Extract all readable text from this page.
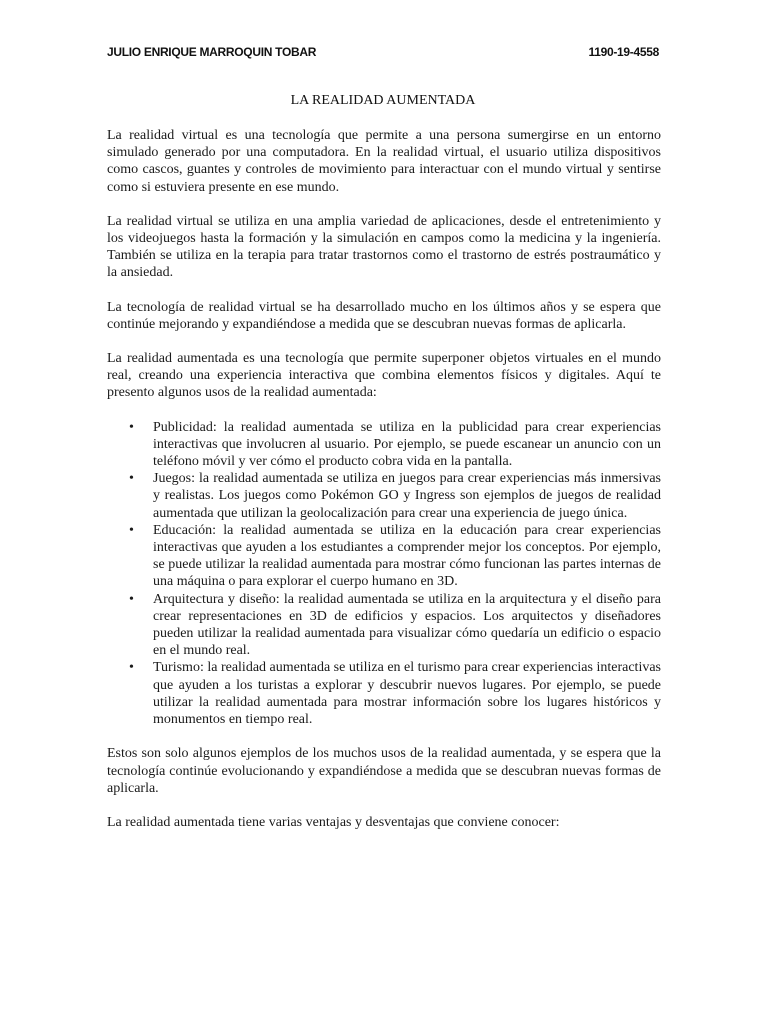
JULIO ENRIQUE MARROQUIN TOBAR	1190-19-4558
LA REALIDAD AUMENTADA

La realidad virtual es una tecnología que permite a una persona sumergirse en un entorno simulado generado por una computadora. En la realidad virtual, el usuario utiliza dispositivos como cascos, guantes y controles de movimiento para interactuar con el mundo virtual y sentirse como si estuviera presente en ese mundo.

La realidad virtual se utiliza en una amplia variedad de aplicaciones, desde el entretenimiento y los videojuegos hasta la formación y la simulación en campos como la medicina y la ingeniería. También se utiliza en la terapia para tratar trastornos como el trastorno de estrés postraumático y la ansiedad.

La tecnología de realidad virtual se ha desarrollado mucho en los últimos años y se espera que continúe mejorando y expandiéndose a medida que se descubran nuevas formas de aplicarla.

La realidad aumentada es una tecnología que permite superponer objetos virtuales en el mundo real, creando una experiencia interactiva que combina elementos físicos y digitales. Aquí te presento algunos usos de la realidad aumentada:

• Publicidad: la realidad aumentada se utiliza en la publicidad para crear experiencias interactivas que involucren al usuario. Por ejemplo, se puede escanear un anuncio con un teléfono móvil y ver cómo el producto cobra vida en la pantalla.
• Juegos: la realidad aumentada se utiliza en juegos para crear experiencias más inmersivas y realistas. Los juegos como Pokémon GO y Ingress son ejemplos de juegos de realidad aumentada que utilizan la geolocalización para crear una experiencia de juego única.
• Educación: la realidad aumentada se utiliza en la educación para crear experiencias interactivas que ayuden a los estudiantes a comprender mejor los conceptos. Por ejemplo, se puede utilizar la realidad aumentada para mostrar cómo funcionan las partes internas de una máquina o para explorar el cuerpo humano en 3D.
• Arquitectura y diseño: la realidad aumentada se utiliza en la arquitectura y el diseño para crear representaciones en 3D de edificios y espacios. Los arquitectos y diseñadores pueden utilizar la realidad aumentada para visualizar cómo quedaría un edificio o espacio en el mundo real.
• Turismo: la realidad aumentada se utiliza en el turismo para crear experiencias interactivas que ayuden a los turistas a explorar y descubrir nuevos lugares. Por ejemplo, se puede utilizar la realidad aumentada para mostrar información sobre los lugares históricos y monumentos en tiempo real.

Estos son solo algunos ejemplos de los muchos usos de la realidad aumentada, y se espera que la tecnología continúe evolucionando y expandiéndose a medida que se descubran nuevas formas de aplicarla.

La realidad aumentada tiene varias ventajas y desventajas que conviene conocer:
